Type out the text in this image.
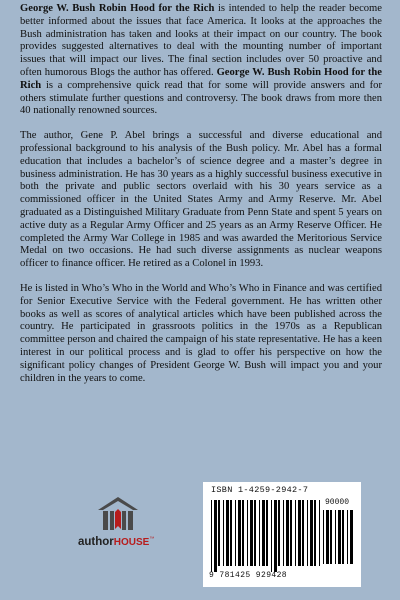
George W. Bush Robin Hood for the Rich is intended to help the reader become better informed about the issues that face America. It looks at the approaches the Bush administration has taken and looks at their impact on our country. The book provides suggested alternatives to deal with the mounting number of important issues that will impact our lives. The final section includes over 50 proactive and often humorous Blogs the author has offered. George W. Bush Robin Hood for the Rich is a comprehensive quick read that for some will provide answers and for others stimulate further questions and controversy. The book draws from more then 40 nationally renowned sources.

The author, Gene P. Abel brings a successful and diverse educational and professional background to his analysis of the Bush policy. Mr. Abel has a formal education that includes a bachelor’s of science degree and a master’s degree in business administration. He has 30 years as a highly successful business executive in both the private and public sectors overlaid with his 30 years service as a commissioned officer in the United States Army and Army Reserve. Mr. Abel graduated as a Distinguished Military Graduate from Penn State and spent 5 years on active duty as a Regular Army Officer and 25 years as an Army Reserve Officer. He completed the Army War College in 1985 and was awarded the Meritorious Service Medal on two occasions. He had such diverse assignments as nuclear weapons officer to finance officer. He retired as a Colonel in 1993.

He is listed in Who’s Who in the World and Who’s Who in Finance and was certified for Senior Executive Service with the Federal government. He has written other books as well as scores of analytical articles which have been published across the country. He participated in grassroots politics in the 1970s as a Republican committee person and chaired the campaign of his state representative. He has a keen interest in our political process and is glad to offer his perspective on how the significant policy changes of President George W. Bush will impact you and your children in the years to come.

authorHOUSE™
ISBN 1-4259-2942-7
90000
9 781425 929428
